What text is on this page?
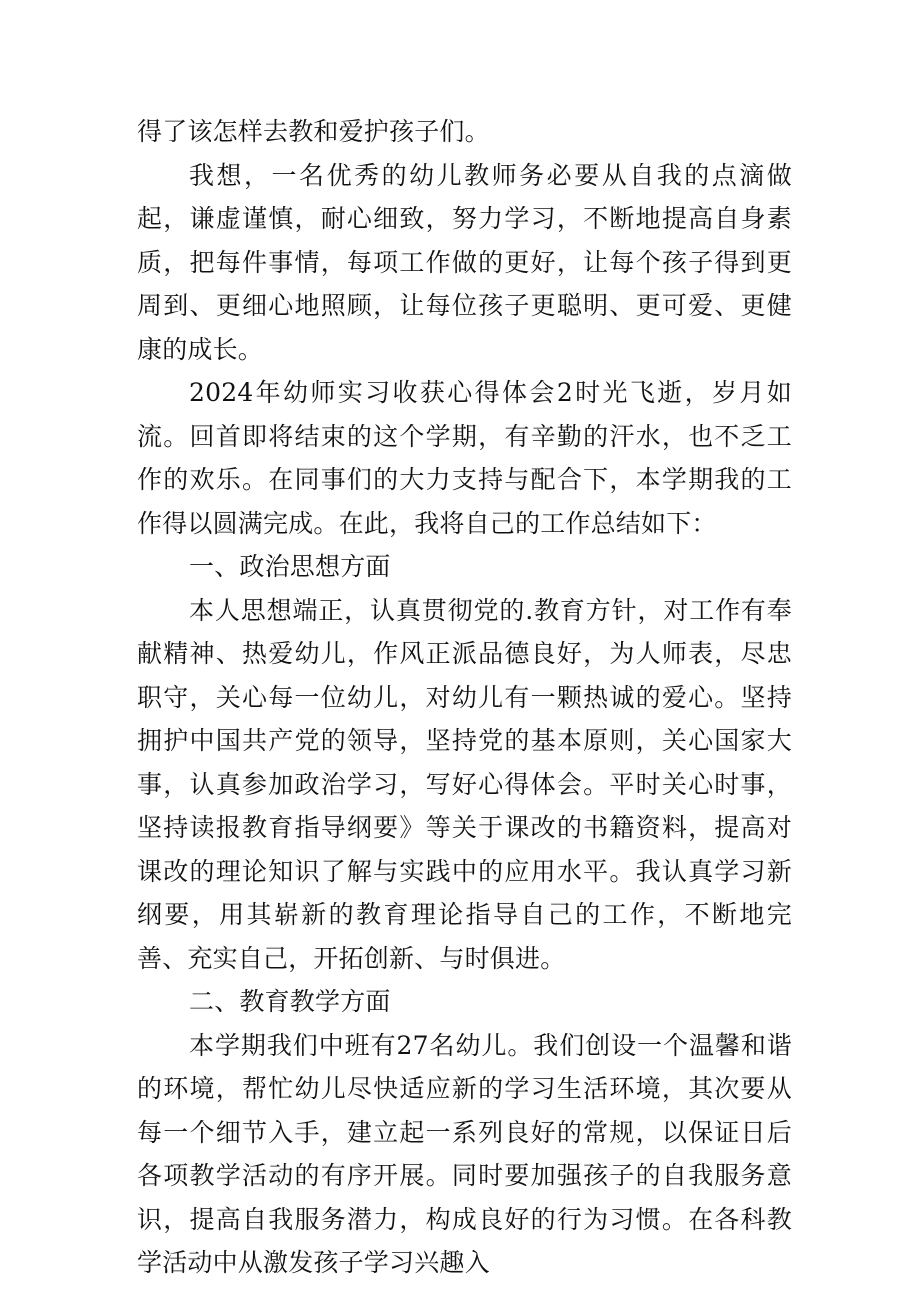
得了该怎样去教和爱护孩子们。

我想，一名优秀的幼儿教师务必要从自我的点滴做起，谦虚谨慎，耐心细致，努力学习，不断地提高自身素质，把每件事情，每项工作做的更好，让每个孩子得到更周到、更细心地照顾，让每位孩子更聪明、更可爱、更健康的成长。

2024年幼师实习收获心得体会2时光飞逝，岁月如流。回首即将结束的这个学期，有辛勤的汗水，也不乏工作的欢乐。在同事们的大力支持与配合下，本学期我的工作得以圆满完成。在此，我将自己的工作总结如下：

一、政治思想方面

本人思想端正，认真贯彻党的.教育方针，对工作有奉献精神、热爱幼儿，作风正派品德良好，为人师表，尽忠职守，关心每一位幼儿，对幼儿有一颗热诚的爱心。坚持拥护中国共产党的领导，坚持党的基本原则，关心国家大事，认真参加政治学习，写好心得体会。平时关心时事，坚持读报教育指导纲要》等关于课改的书籍资料，提高对课改的理论知识了解与实践中的应用水平。我认真学习新纲要，用其崭新的教育理论指导自己的工作，不断地完善、充实自己，开拓创新、与时俱进。

二、教育教学方面

本学期我们中班有27名幼儿。我们创设一个温馨和谐的环境，帮忙幼儿尽快适应新的学习生活环境，其次要从每一个细节入手，建立起一系列良好的常规，以保证日后各项教学活动的有序开展。同时要加强孩子的自我服务意识，提高自我服务潜力，构成良好的行为习惯。在各科教学活动中从激发孩子学习兴趣入
